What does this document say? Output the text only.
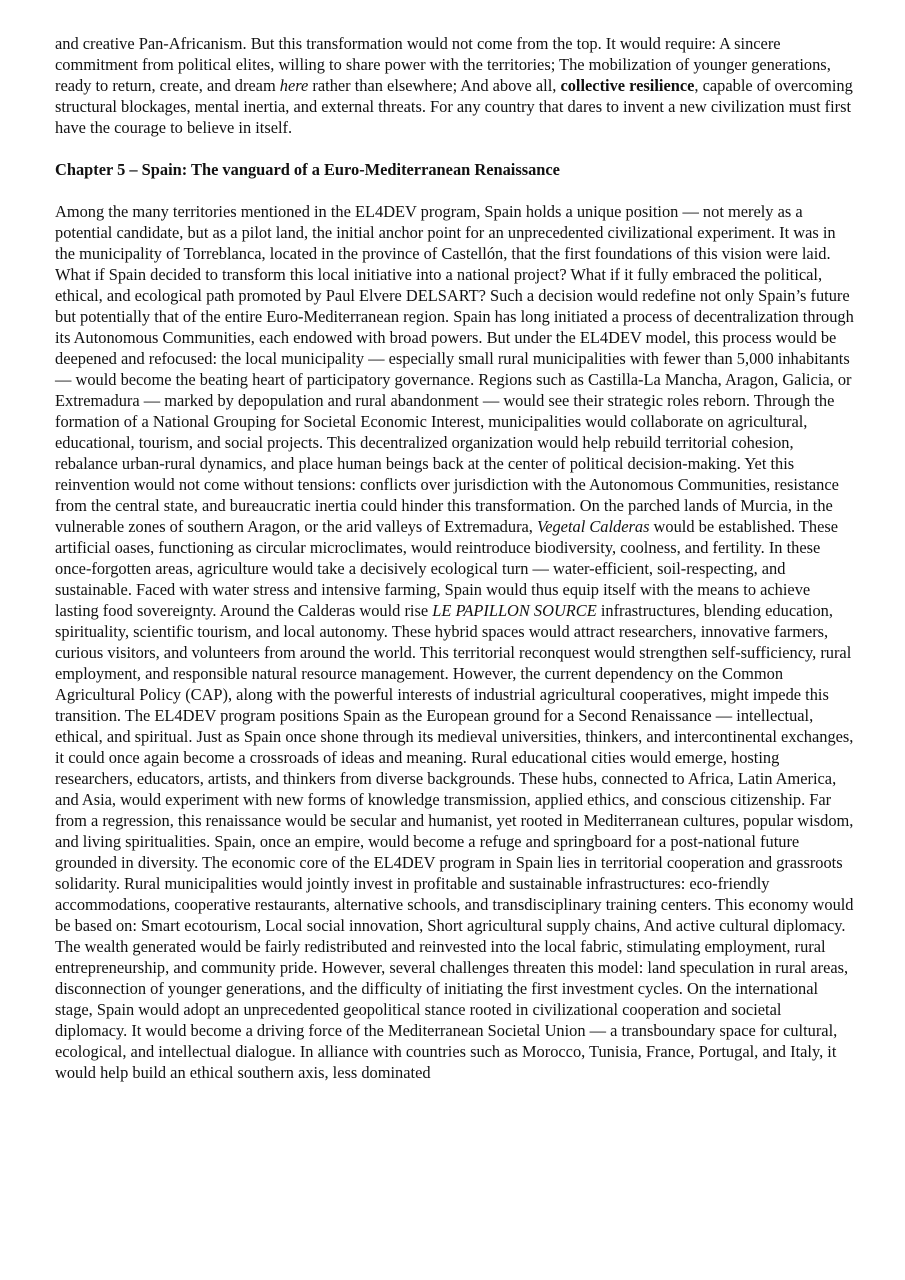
and creative Pan-Africanism. But this transformation would not come from the top. It would require: A sincere commitment from political elites, willing to share power with the territories; The mobilization of younger generations, ready to return, create, and dream here rather than elsewhere; And above all, collective resilience, capable of overcoming structural blockages, mental inertia, and external threats. For any country that dares to invent a new civilization must first have the courage to believe in itself.

Chapter 5 – Spain: The vanguard of a Euro-Mediterranean Renaissance

Among the many territories mentioned in the EL4DEV program, Spain holds a unique position — not merely as a potential candidate, but as a pilot land, the initial anchor point for an unprecedented civilizational experiment. It was in the municipality of Torreblanca, located in the province of Castellón, that the first foundations of this vision were laid. What if Spain decided to transform this local initiative into a national project? What if it fully embraced the political, ethical, and ecological path promoted by Paul Elvere DELSART? Such a decision would redefine not only Spain’s future but potentially that of the entire Euro-Mediterranean region. Spain has long initiated a process of decentralization through its Autonomous Communities, each endowed with broad powers. But under the EL4DEV model, this process would be deepened and refocused: the local municipality — especially small rural municipalities with fewer than 5,000 inhabitants — would become the beating heart of participatory governance. Regions such as Castilla-La Mancha, Aragon, Galicia, or Extremadura — marked by depopulation and rural abandonment — would see their strategic roles reborn. Through the formation of a National Grouping for Societal Economic Interest, municipalities would collaborate on agricultural, educational, tourism, and social projects. This decentralized organization would help rebuild territorial cohesion, rebalance urban-rural dynamics, and place human beings back at the center of political decision-making. Yet this reinvention would not come without tensions: conflicts over jurisdiction with the Autonomous Communities, resistance from the central state, and bureaucratic inertia could hinder this transformation. On the parched lands of Murcia, in the vulnerable zones of southern Aragon, or the arid valleys of Extremadura, Vegetal Calderas would be established. These artificial oases, functioning as circular microclimates, would reintroduce biodiversity, coolness, and fertility. In these once-forgotten areas, agriculture would take a decisively ecological turn — water-efficient, soil-respecting, and sustainable. Faced with water stress and intensive farming, Spain would thus equip itself with the means to achieve lasting food sovereignty. Around the Calderas would rise LE PAPILLON SOURCE infrastructures, blending education, spirituality, scientific tourism, and local autonomy. These hybrid spaces would attract researchers, innovative farmers, curious visitors, and volunteers from around the world. This territorial reconquest would strengthen self-sufficiency, rural employment, and responsible natural resource management. However, the current dependency on the Common Agricultural Policy (CAP), along with the powerful interests of industrial agricultural cooperatives, might impede this transition. The EL4DEV program positions Spain as the European ground for a Second Renaissance — intellectual, ethical, and spiritual. Just as Spain once shone through its medieval universities, thinkers, and intercontinental exchanges, it could once again become a crossroads of ideas and meaning. Rural educational cities would emerge, hosting researchers, educators, artists, and thinkers from diverse backgrounds. These hubs, connected to Africa, Latin America, and Asia, would experiment with new forms of knowledge transmission, applied ethics, and conscious citizenship. Far from a regression, this renaissance would be secular and humanist, yet rooted in Mediterranean cultures, popular wisdom, and living spiritualities. Spain, once an empire, would become a refuge and springboard for a post-national future grounded in diversity. The economic core of the EL4DEV program in Spain lies in territorial cooperation and grassroots solidarity. Rural municipalities would jointly invest in profitable and sustainable infrastructures: eco-friendly accommodations, cooperative restaurants, alternative schools, and transdisciplinary training centers. This economy would be based on: Smart ecotourism, Local social innovation, Short agricultural supply chains, And active cultural diplomacy. The wealth generated would be fairly redistributed and reinvested into the local fabric, stimulating employment, rural entrepreneurship, and community pride. However, several challenges threaten this model: land speculation in rural areas, disconnection of younger generations, and the difficulty of initiating the first investment cycles. On the international stage, Spain would adopt an unprecedented geopolitical stance rooted in civilizational cooperation and societal diplomacy. It would become a driving force of the Mediterranean Societal Union — a transboundary space for cultural, ecological, and intellectual dialogue. In alliance with countries such as Morocco, Tunisia, France, Portugal, and Italy, it would help build an ethical southern axis, less dominated
